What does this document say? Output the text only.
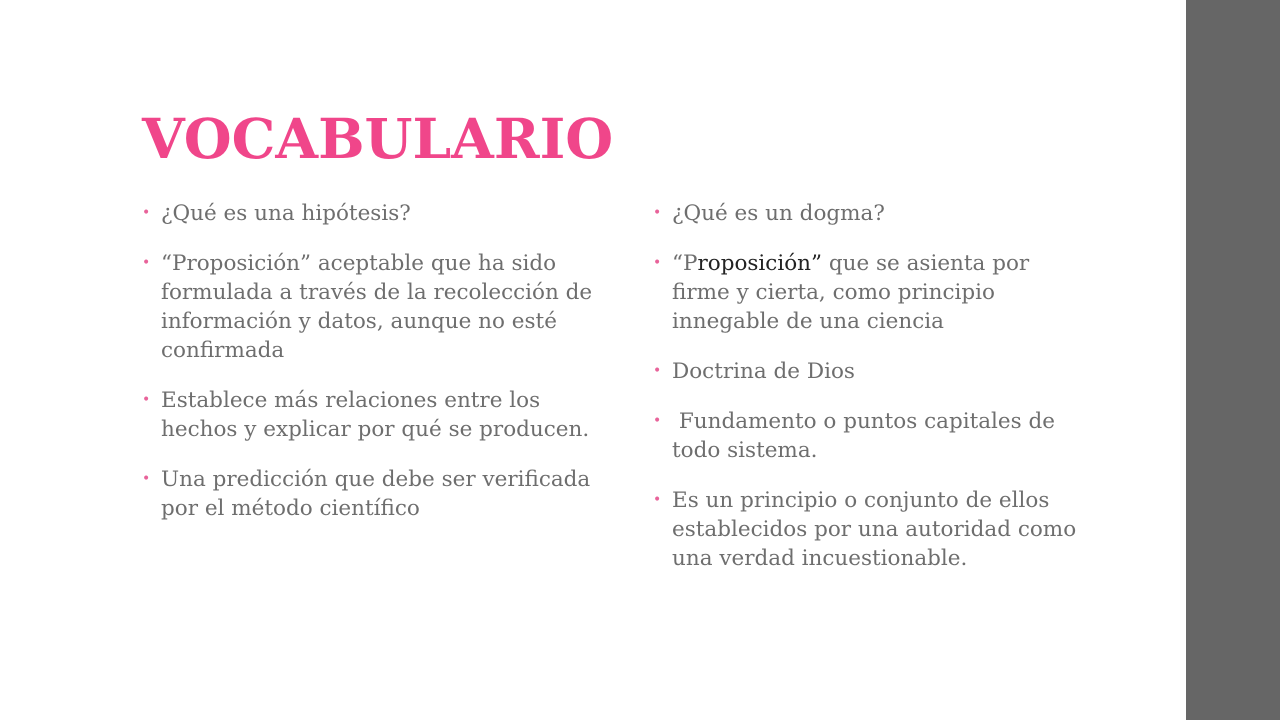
VOCABULARIO
• ¿Qué es una hipótesis?
• “Proposición” aceptable que ha sido formulada a través de la recolección de información y datos, aunque no esté confirmada
• Establece más relaciones entre los hechos y explicar por qué se producen.
• Una predicción que debe ser verificada por el método científico
• ¿Qué es un dogma?
• “Proposición” que se asienta por firme y cierta, como principio innegable de una ciencia
• Doctrina de Dios
• Fundamento o puntos capitales de todo sistema.
• Es un principio o conjunto de ellos establecidos por una autoridad como una verdad incuestionable.
